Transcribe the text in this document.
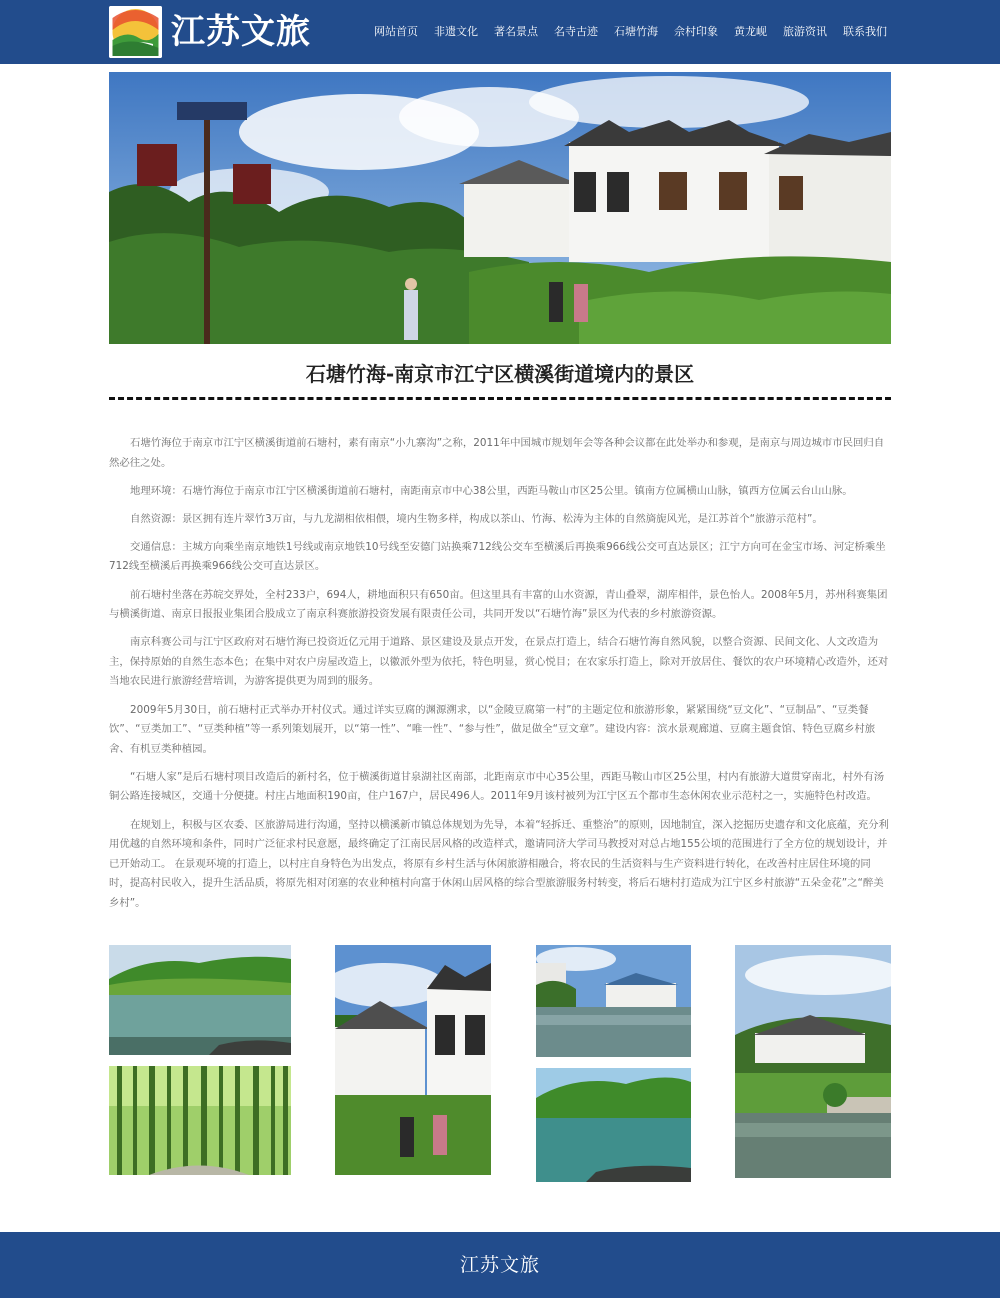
江苏文旅	网站首页	非遗文化	著名景点	名寺古迹	石塘竹海	佘村印象	黄龙岘	旅游资讯	联系我们
石塘竹海-南京市江宁区横溪街道境内的景区

石塘竹海位于南京市江宁区横溪街道前石塘村，素有南京“小九寨沟”之称，2011年中国城市规划年会等各种会议都在此处举办和参观，是南京与周边城市市民回归自然必往之处。

地理环境：石塘竹海位于南京市江宁区横溪街道前石塘村，南距南京市中心38公里，西距马鞍山市区25公里。镇南方位属横山山脉，镇西方位属云台山山脉。

自然资源：景区拥有连片翠竹3万亩，与九龙湖相依相偎，境内生物多样，构成以茶山、竹海、松涛为主体的自然旖旎风光，是江苏首个“旅游示范村”。

交通信息：主城方向乘坐南京地铁1号线或南京地铁10号线至安德门站换乘712线公交车至横溪后再换乘966线公交可直达景区；江宁方向可在金宝市场、河定桥乘坐712线至横溪后再换乘966线公交可直达景区。

前石塘村坐落在苏皖交界处，全村233户，694人，耕地面积只有650亩。但这里具有丰富的山水资源，青山叠翠，湖库相伴，景色怡人。2008年5月，苏州科赛集团与横溪街道、南京日报报业集团合股成立了南京科赛旅游投资发展有限责任公司，共同开发以“石塘竹海”景区为代表的乡村旅游资源。

南京科赛公司与江宁区政府对石塘竹海已投资近亿元用于道路、景区建设及景点开发，在景点打造上，结合石塘竹海自然风貌，以整合资源、民间文化、人文改造为主，保持原始的自然生态本色；在集中对农户房屋改造上，以徽派外型为依托，特色明显，赏心悦目；在农家乐打造上，除对开放居住、餐饮的农户环境精心改造外，还对当地农民进行旅游经营培训，为游客提供更为周到的服务。

2009年5月30日，前石塘村正式举办开村仪式。通过详实豆腐的渊源溯求，以“金陵豆腐第一村”的主题定位和旅游形象，紧紧围绕“豆文化”、“豆制品”、“豆类餐饮”、“豆类加工”、“豆类种植”等一系列策划展开，以“第一性”、“唯一性”、“参与性”，做足做全“豆文章”。建设内容：滨水景观廊道、豆腐主题食馆、特色豆腐乡村旅舍、有机豆类种植园。

“石塘人家”是后石塘村项目改造后的新村名，位于横溪街道甘泉湖社区南部，北距南京市中心35公里，西距马鞍山市区25公里，村内有旅游大道贯穿南北，村外有汤铜公路连接城区，交通十分便捷。村庄占地面积190亩，住户167户，居民496人。2011年9月该村被列为江宁区五个都市生态休闲农业示范村之一，实施特色村改造。

在规划上，积极与区农委、区旅游局进行沟通，坚持以横溪新市镇总体规划为先导，本着“轻拆迁、重整治”的原则，因地制宜，深入挖掘历史遗存和文化底蕴，充分利用优越的自然环境和条件，同时广泛征求村民意愿，最终确定了江南民居风格的改造样式，邀请同济大学司马教授对对总占地155公顷的范围进行了全方位的规划设计，并已开始动工。 在景观环境的打造上，以村庄自身特色为出发点，将原有乡村生活与休闲旅游相融合，将农民的生活资料与生产资料进行转化，在改善村庄居住环境的同时，提高村民收入，提升生活品质，将原先相对闭塞的农业种植村向富于休闲山居风格的综合型旅游服务村转变，将后石塘村打造成为江宁区乡村旅游“五朵金花”之“醉美乡村”。

江苏文旅
